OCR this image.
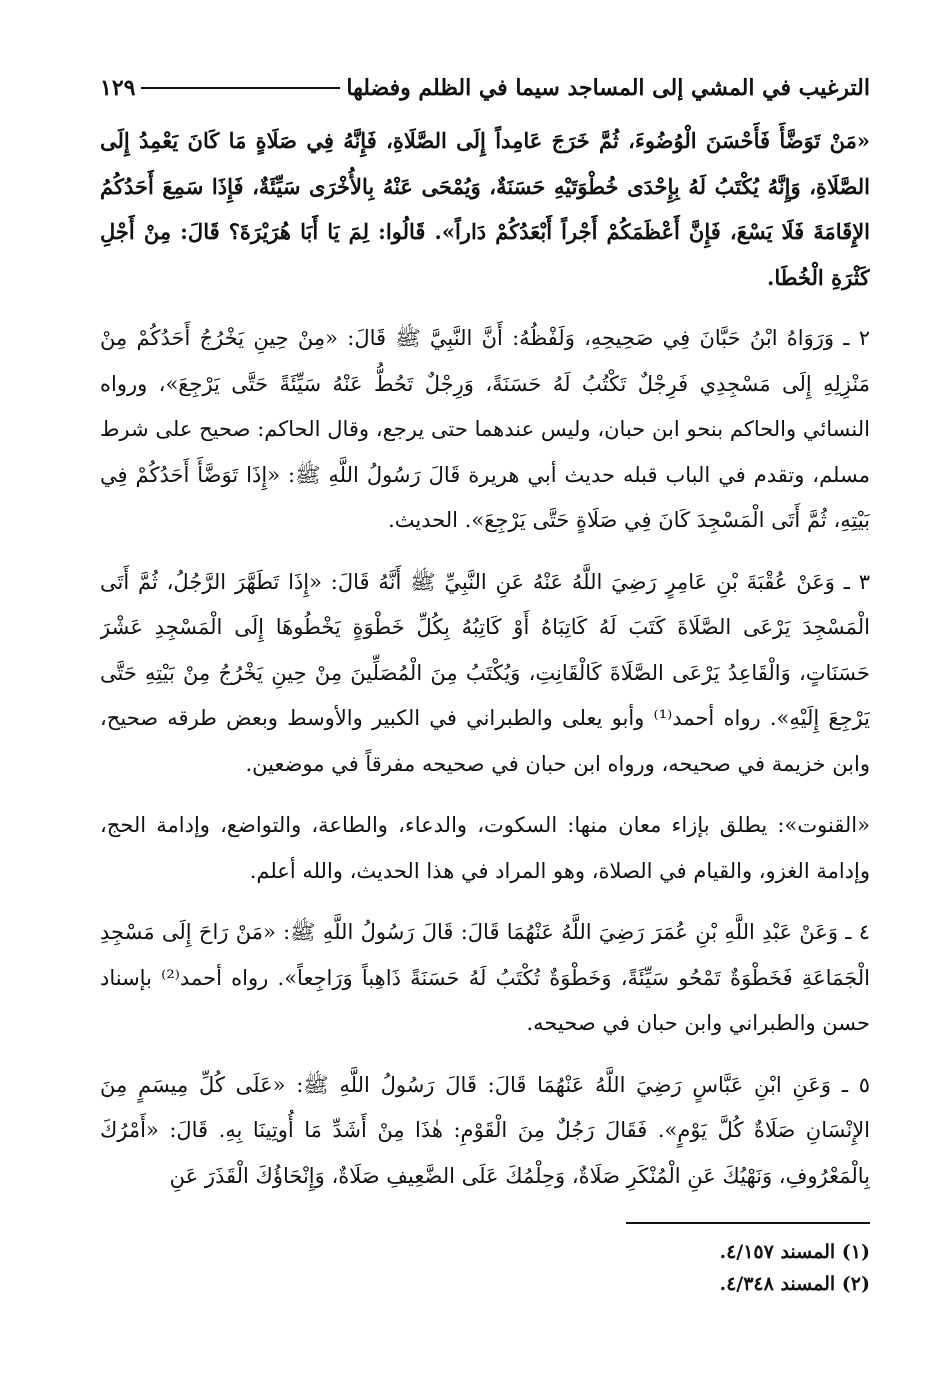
الترغيب في المشي إلى المساجد سيما في الظلم وفضلها
١٢٩

«مَنْ تَوَضَّأَ فَأَحْسَنَ الْوُضُوءَ، ثُمَّ خَرَجَ عَامِداً إِلَى الصَّلَاةِ، فَإِنَّهُ فِي صَلَاةٍ مَا كَانَ يَعْمِدُ إِلَى الصَّلَاةِ، وَإِنَّهُ يُكْتَبُ لَهُ بِإِحْدَى خُطْوَتَيْهِ حَسَنَةٌ، وَيُمْحَى عَنْهُ بِالأُخْرَى سَيِّئَةٌ، فَإِذَا سَمِعَ أَحَدُكُمُ الإِقَامَةَ فَلَا يَسْعَ، فَإِنَّ أَعْظَمَكُمْ أَجْراً أَبْعَدُكُمْ دَاراً». قَالُوا: لِمَ يَا أَبَا هُرَيْرَةَ؟ قَالَ: مِنْ أَجْلِ كَثْرَةِ الْخُطَا.

٢ ـ وَرَوَاهُ ابْنُ حَبَّانَ فِي صَحِيحِهِ، وَلَفْظُهُ: أَنَّ النَّبِيَّ ﷺ قَالَ: «مِنْ حِينِ يَخْرُجُ أَحَدُكُمْ مِنْ مَنْزِلِهِ إِلَى مَسْجِدِي فَرِجْلٌ تَكْتُبُ لَهُ حَسَنَةً، وَرِجْلٌ تَحُطُّ عَنْهُ سَيِّئَةً حَتَّى يَرْجِعَ»، ورواه النسائي والحاكم بنحو ابن حبان، وليس عندهما حتى يرجع، وقال الحاكم: صحيح على شرط مسلم، وتقدم في الباب قبله حديث أبي هريرة قَالَ رَسُولُ اللَّهِ ﷺ: «إِذَا تَوَضَّأَ أَحَدُكُمْ فِي بَيْتِهِ، ثُمَّ أَتَى الْمَسْجِدَ كَانَ فِي صَلَاةٍ حَتَّى يَرْجِعَ». الحديث.

٣ ـ وَعَنْ عُقْبَةَ بْنِ عَامِرٍ رَضِيَ اللَّهُ عَنْهُ عَنِ النَّبِيِّ ﷺ أَنَّهُ قَالَ: «إِذَا تَطَهَّرَ الرَّجُلُ، ثُمَّ أَتَى الْمَسْجِدَ يَرْعَى الصَّلَاةَ كَتَبَ لَهُ كَاتِبَاهُ أَوْ كَاتِبُهُ بِكُلِّ خَطْوَةٍ يَخْطُوهَا إِلَى الْمَسْجِدِ عَشْرَ حَسَنَاتٍ، وَالْقَاعِدُ يَرْعَى الصَّلَاةَ كَالْقَانِتِ، وَيُكْتَبُ مِنَ الْمُصَلِّينَ مِنْ حِينِ يَخْرُجُ مِنْ بَيْتِهِ حَتَّى يَرْجِعَ إِلَيْهِ». رواه أحمد⁽¹⁾ وأبو يعلى والطبراني في الكبير والأوسط وبعض طرقه صحيح، وابن خزيمة في صحيحه، ورواه ابن حبان في صحيحه مفرقاً في موضعين.

«القنوت»: يطلق بإزاء معان منها: السكوت، والدعاء، والطاعة، والتواضع، وإدامة الحج، وإدامة الغزو، والقيام في الصلاة، وهو المراد في هذا الحديث، والله أعلم.

٤ ـ وَعَنْ عَبْدِ اللَّهِ بْنِ عُمَرَ رَضِيَ اللَّهُ عَنْهُمَا قَالَ: قَالَ رَسُولُ اللَّهِ ﷺ: «مَنْ رَاحَ إِلَى مَسْجِدِ الْجَمَاعَةِ فَخَطْوَةٌ تَمْحُو سَيِّئَةً، وَخَطْوَةٌ تُكْتَبُ لَهُ حَسَنَةً ذَاهِباً وَرَاجِعاً». رواه أحمد⁽²⁾ بإسناد حسن والطبراني وابن حبان في صحيحه.

٥ ـ وَعَنِ ابْنِ عَبَّاسٍ رَضِيَ اللَّهُ عَنْهُمَا قَالَ: قَالَ رَسُولُ اللَّهِ ﷺ: «عَلَى كُلِّ مِيسَمٍ مِنَ الإِنْسَانِ صَلَاةٌ كُلَّ يَوْمٍ». فَقَالَ رَجُلٌ مِنَ الْقَوْمِ: هٰذَا مِنْ أَشَدِّ مَا أُوتِينَا بِهِ. قَالَ: «أَمْرُكَ بِالْمَعْرُوفِ، وَنَهْيُكَ عَنِ الْمُنْكَرِ صَلَاةٌ، وَحِلْمُكَ عَلَى الضَّعِيفِ صَلَاةٌ، وَإِنْحَاؤُكَ الْقَذَرَ عَنِ

(١) المسند ٤/١٥٧.
(٢) المسند ٤/٣٤٨.
